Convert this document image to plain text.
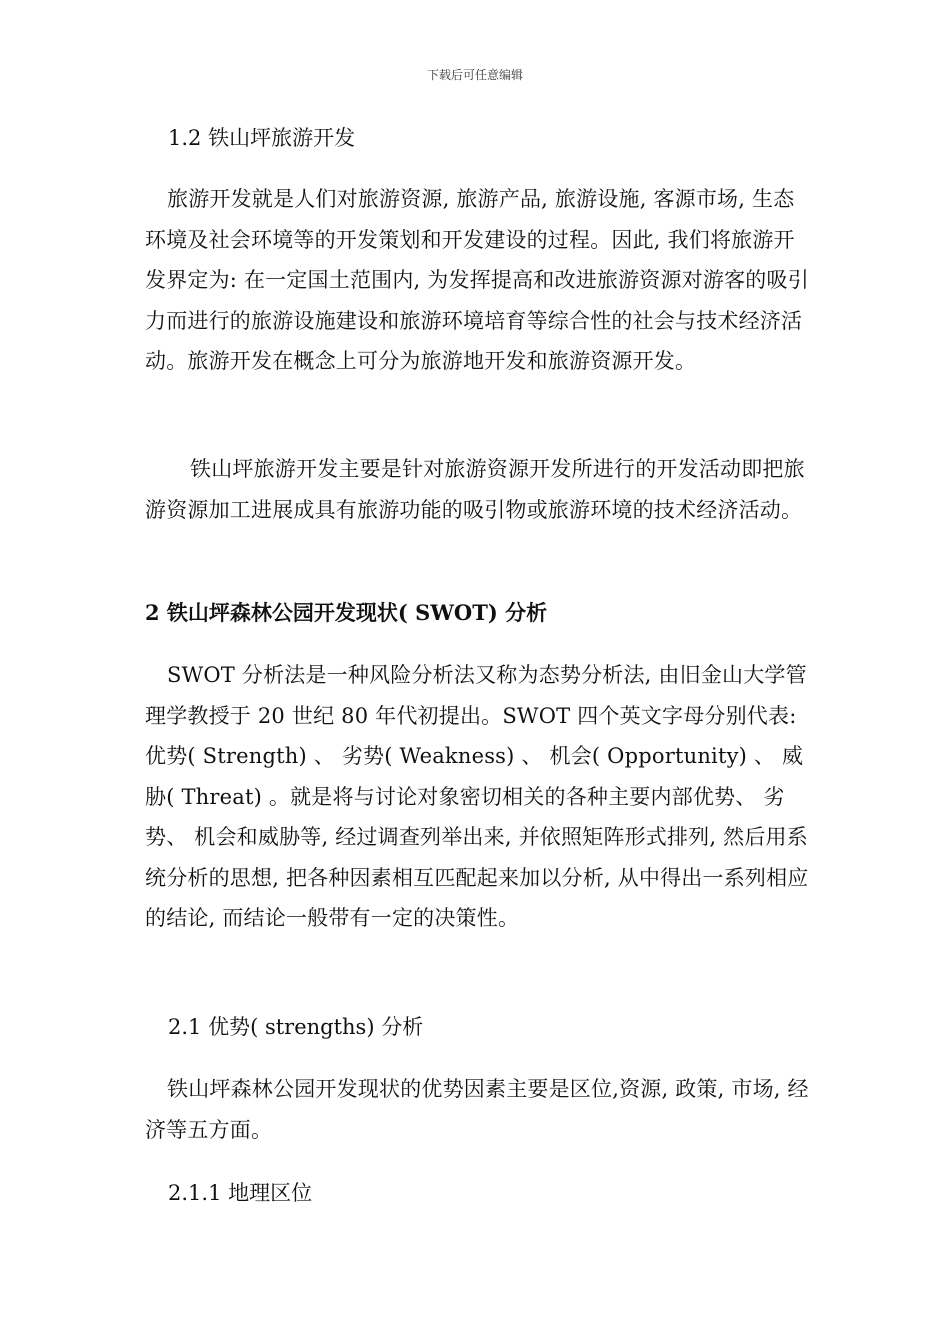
下载后可任意编辑
1.2 铁山坪旅游开发
旅游开发就是人们对旅游资源, 旅游产品, 旅游设施, 客源市场, 生态环境及社会环境等的开发策划和开发建设的过程。因此, 我们将旅游开发界定为: 在一定国土范围内, 为发挥提高和改进旅游资源对游客的吸引力而进行的旅游设施建设和旅游环境培育等综合性的社会与技术经济活动。旅游开发在概念上可分为旅游地开发和旅游资源开发。
铁山坪旅游开发主要是针对旅游资源开发所进行的开发活动即把旅游资源加工进展成具有旅游功能的吸引物或旅游环境的技术经济活动。
2 铁山坪森林公园开发现状( SWOT) 分析
SWOT 分析法是一种风险分析法又称为态势分析法, 由旧金山大学管理学教授于 20 世纪 80 年代初提出。SWOT 四个英文字母分别代表: 优势( Strength) 、 劣势( Weakness) 、 机会( Opportunity) 、 威胁( Threat) 。就是将与讨论对象密切相关的各种主要内部优势、 劣势、 机会和威胁等, 经过调查列举出来, 并依照矩阵形式排列, 然后用系统分析的思想, 把各种因素相互匹配起来加以分析, 从中得出一系列相应的结论, 而结论一般带有一定的决策性。
2.1 优势( strengths) 分析
铁山坪森林公园开发现状的优势因素主要是区位,资源, 政策, 市场, 经济等五方面。
2.1.1 地理区位
